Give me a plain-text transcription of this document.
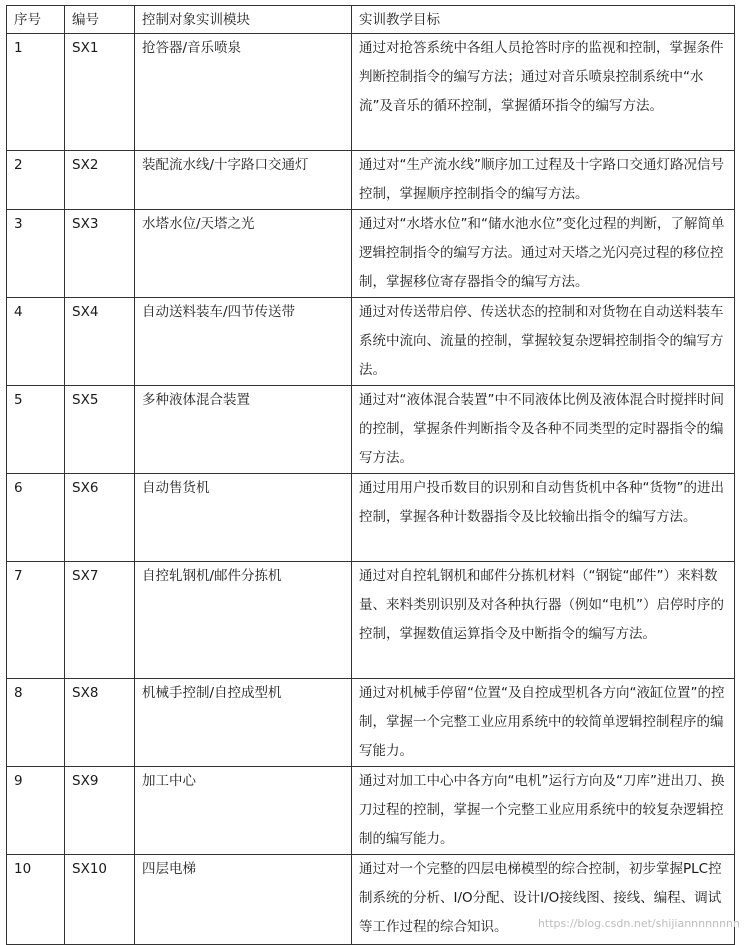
序号	编号	控制对象实训模块	实训教学目标
1	SX1	抢答器/音乐喷泉	通过对抢答系统中各组人员抢答时序的监视和控制，掌握条件判断控制指令的编写方法；通过对音乐喷泉控制系统中“水流”及音乐的循环控制，掌握循环指令的编写方法。
2	SX2	装配流水线/十字路口交通灯	通过对“生产流水线”顺序加工过程及十字路口交通灯路况信号控制，掌握顺序控制指令的编写方法。
3	SX3	水塔水位/天塔之光	通过对“水塔水位”和“储水池水位”变化过程的判断，了解简单逻辑控制指令的编写方法。通过对天塔之光闪亮过程的移位控制，掌握移位寄存器指令的编写方法。
4	SX4	自动送料装车/四节传送带	通过对传送带启停、传送状态的控制和对货物在自动送料装车系统中流向、流量的控制，掌握较复杂逻辑控制指令的编写方法。
5	SX5	多种液体混合装置	通过对“液体混合装置”中不同液体比例及液体混合时搅拌时间的控制，掌握条件判断指令及各种不同类型的定时器指令的编写方法。
6	SX6	自动售货机	通过用用户投币数目的识别和自动售货机中各种“货物”的进出控制，掌握各种计数器指令及比较输出指令的编写方法。
7	SX7	自控轧钢机/邮件分拣机	通过对自控轧钢机和邮件分拣机材料（“钢锭“邮件”）来料数量、来料类别识别及对各种执行器（例如“电机”）启停时序的控制，掌握数值运算指令及中断指令的编写方法。
8	SX8	机械手控制/自控成型机	通过对机械手停留“位置“及自控成型机各方向“液缸位置”的控制，掌握一个完整工业应用系统中的较简单逻辑控制程序的编写能力。
9	SX9	加工中心	通过对加工中心中各方向“电机”运行方向及“刀库”进出刀、换刀过程的控制，掌握一个完整工业应用系统中的较复杂逻辑控制的编写能力。
10	SX10	四层电梯	通过对一个完整的四层电梯模型的综合控制，初步掌握PLC控制系统的分析、I/O分配、设计I/O接线图、接线、编程、调试等工作过程的综合知识。	https://blog.csdn.net/shijiannnnnnnn
